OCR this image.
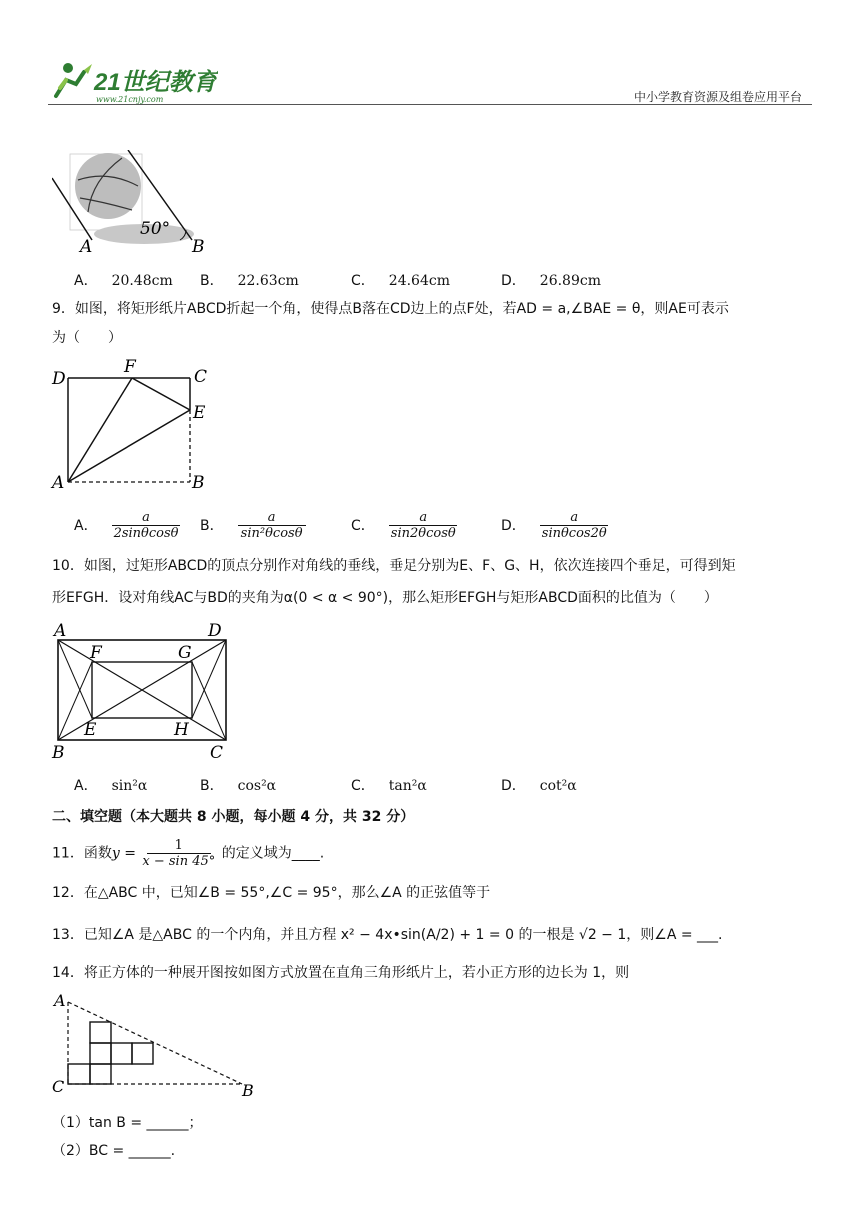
21世纪教育
www.21cnjy.com	中小学教育资源及组卷应用平台
50°
A	B
A． 20.48cm B． 22.63cm	C． 24.64cm	D． 26.89cm
9．如图，将矩形纸片ABCD折起一个角，使得点B落在CD边上的点F处，若AD = a,∠BAE = θ，则AE可表示
为（　　）
D
F	C
E
A	B
A． $\frac{a}{2\sin\theta\cos\theta}$ B． $\frac{a}{\text{sin²θcosθ}}$	C． $\frac{a}{\sin 2\theta\cos\theta}$	D． $\frac{a}{\sin\theta\cos 2\theta}$
10．如图，过矩形ABCD的顶点分别作对角线的垂线，垂足分别为E、F、G、H，依次连接四个垂足，可得到矩
形EFGH．设对角线AC与BD的夹角为α(0 < α < 90°)，那么矩形EFGH与矩形ABCD面积的比值为（　　）
A	D
F	G
E	H
B	C
A． sin²α	B． cos²α	C． tan²α	D． cot²α
二、填空题（本大题共 8 小题，每小题 4 分，共 32 分）
11．函数$y = \frac{1}{x - \sin 45^\circ}$ 的定义域为____.
12．在△ABC 中，已知∠B = 55°,∠C = 95°，那么∠A 的正弦值等于
13．已知∠A 是△ABC 的一个内角，并且方程 x² − 4x•sin(A/2) + 1 = 0 的一根是 √2 − 1，则∠A = ___.
14．将正方体的一种展开图按如图方式放置在直角三角形纸片上，若小正方形的边长为 1，则
A
C	B
（1）tan B = ______；
（2）BC = ______.
